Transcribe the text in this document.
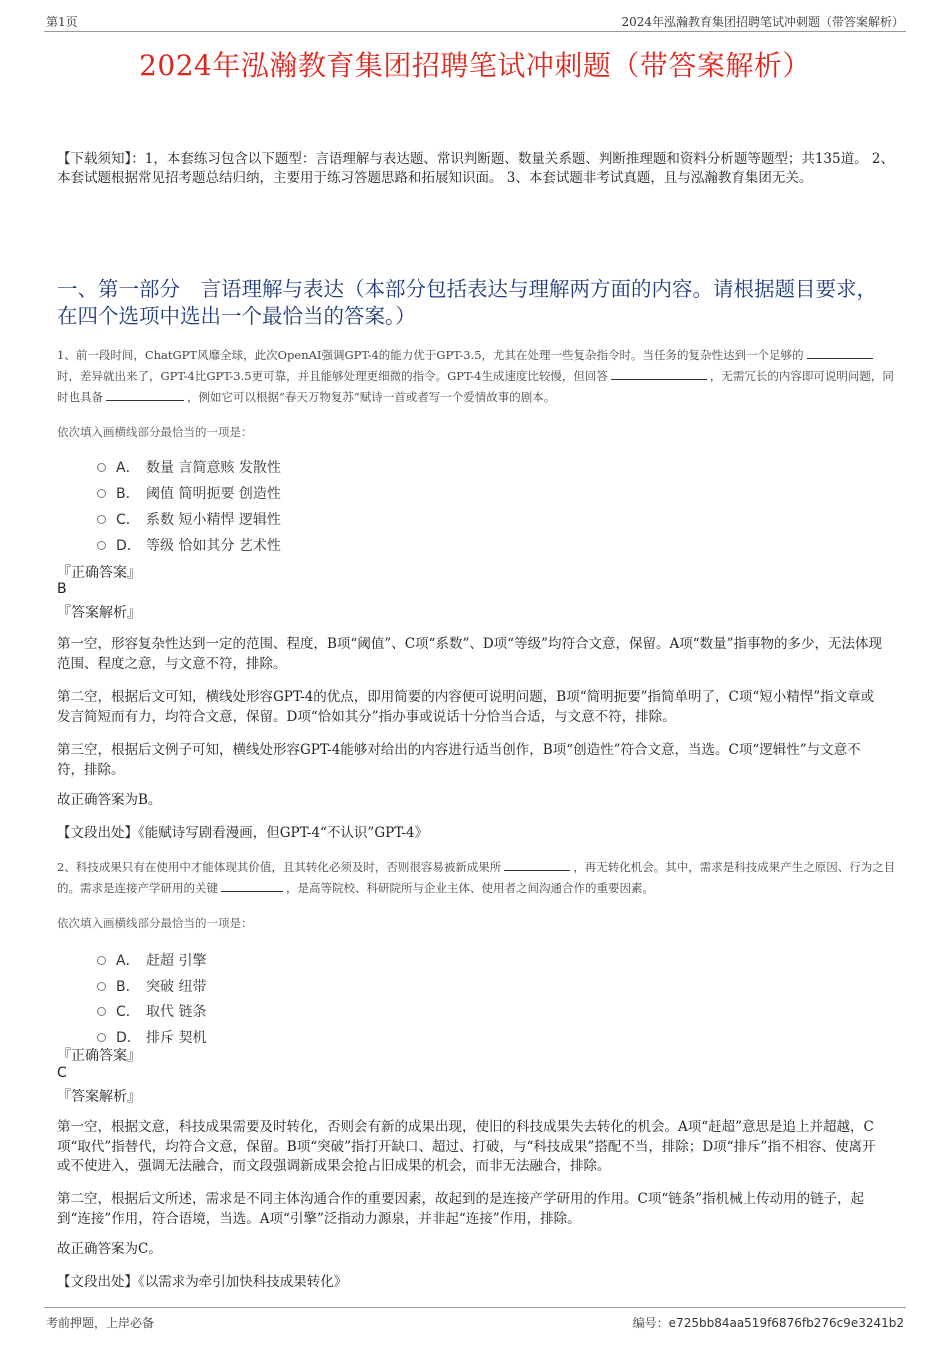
第1页	2024年泓瀚教育集团招聘笔试冲刺题（带答案解析）
2024年泓瀚教育集团招聘笔试冲刺题（带答案解析）
【下载须知】：1，本套练习包含以下题型：言语理解与表达题、常识判断题、数量关系题、判断推理题和资料分析题等题型；共135道。 2、本套试题根据常见招考题总结归纳，主要用于练习答题思路和拓展知识面。 3、本套试题非考试真题，且与泓瀚教育集团无关。
一、第一部分　言语理解与表达（本部分包括表达与理解两方面的内容。请根据题目要求，在四个选项中选出一个最恰当的答案。）
1、前一段时间，ChatGPT风靡全球，此次OpenAI强调GPT-4的能力优于GPT-3.5，尤其在处理一些复杂指令时。当任务的复杂性达到一个足够的时，差异就出来了，GPT-4比GPT-3.5更可靠，并且能够处理更细微的指令。GPT-4生成速度比较慢，但回答	，无需冗长的内容即可说明问题，同时也具备	，例如它可以根据“春天万物复苏”赋诗一首或者写一个爱情故事的剧本。
依次填入画横线部分最恰当的一项是：
A． 数量 言简意赅 发散性
B． 阈值 简明扼要 创造性
C． 系数 短小精悍 逻辑性
D． 等级 恰如其分 艺术性
『正确答案』
B
『答案解析』
第一空，形容复杂性达到一定的范围、程度，B项“阈值”、C项“系数”、D项“等级”均符合文意，保留。A项“数量”指事物的多少，无法体现范围、程度之意，与文意不符，排除。
第二空，根据后文可知，横线处形容GPT-4的优点，即用简要的内容便可说明问题，B项“简明扼要”指简单明了，C项“短小精悍”指文章或发言简短而有力，均符合文意，保留。D项“恰如其分”指办事或说话十分恰当合适，与文意不符，排除。
第三空，根据后文例子可知，横线处形容GPT-4能够对给出的内容进行适当创作，B项“创造性”符合文意，当选。C项“逻辑性”与文意不符，排除。
故正确答案为B。
【文段出处】《能赋诗写剧看漫画，但GPT-4“不认识”GPT-4》
2、科技成果只有在使用中才能体现其价值，且其转化必须及时，否则很容易被新成果所	，再无转化机会。其中，需求是科技成果产生之原因、行为之目的。需求是连接产学研用的关键	，是高等院校、科研院所与企业主体、使用者之间沟通合作的重要因素。
依次填入画横线部分最恰当的一项是：
A． 赶超 引擎
B． 突破 纽带
C． 取代 链条
D． 排斥 契机
『正确答案』
C
『答案解析』
第一空，根据文意，科技成果需要及时转化，否则会有新的成果出现，使旧的科技成果失去转化的机会。A项“赶超”意思是追上并超越，C项“取代”指替代，均符合文意，保留。B项“突破”指打开缺口、超过、打破，与“科技成果”搭配不当，排除；D项“排斥”指不相容、使离开或不使进入，强调无法融合，而文段强调新成果会抢占旧成果的机会，而非无法融合，排除。
第二空，根据后文所述，需求是不同主体沟通合作的重要因素，故起到的是连接产学研用的作用。C项“链条”指机械上传动用的链子，起到“连接”作用，符合语境，当选。A项“引擎”泛指动力源泉，并非起“连接”作用，排除。
故正确答案为C。
【文段出处】《以需求为牵引加快科技成果转化》
考前押题，上岸必备	编号：e725bb84aa519f6876fb276c9e3241b2
